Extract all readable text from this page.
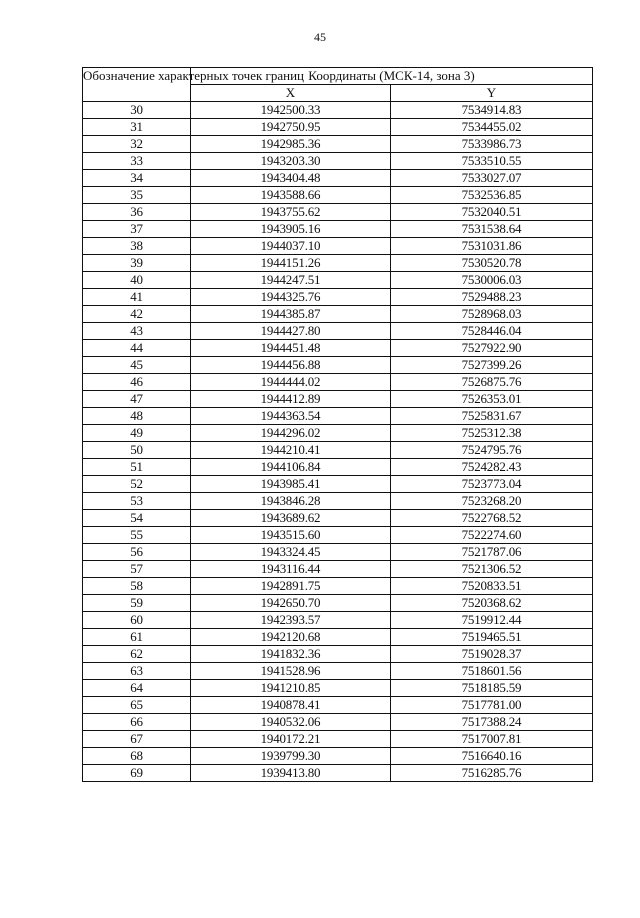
45
Обозначение характерных точек границ	Координаты (МСК-14, зона 3)	
	X	Y
30	1942500.33	7534914.83
31	1942750.95	7534455.02
32	1942985.36	7533986.73
33	1943203.30	7533510.55
34	1943404.48	7533027.07
35	1943588.66	7532536.85
36	1943755.62	7532040.51
37	1943905.16	7531538.64
38	1944037.10	7531031.86
39	1944151.26	7530520.78
40	1944247.51	7530006.03
41	1944325.76	7529488.23
42	1944385.87	7528968.03
43	1944427.80	7528446.04
44	1944451.48	7527922.90
45	1944456.88	7527399.26
46	1944444.02	7526875.76
47	1944412.89	7526353.01
48	1944363.54	7525831.67
49	1944296.02	7525312.38
50	1944210.41	7524795.76
51	1944106.84	7524282.43
52	1943985.41	7523773.04
53	1943846.28	7523268.20
54	1943689.62	7522768.52
55	1943515.60	7522274.60
56	1943324.45	7521787.06
57	1943116.44	7521306.52
58	1942891.75	7520833.51
59	1942650.70	7520368.62
60	1942393.57	7519912.44
61	1942120.68	7519465.51
62	1941832.36	7519028.37
63	1941528.96	7518601.56
64	1941210.85	7518185.59
65	1940878.41	7517781.00
66	1940532.06	7517388.24
67	1940172.21	7517007.81
68	1939799.30	7516640.16
69	1939413.80	7516285.76
